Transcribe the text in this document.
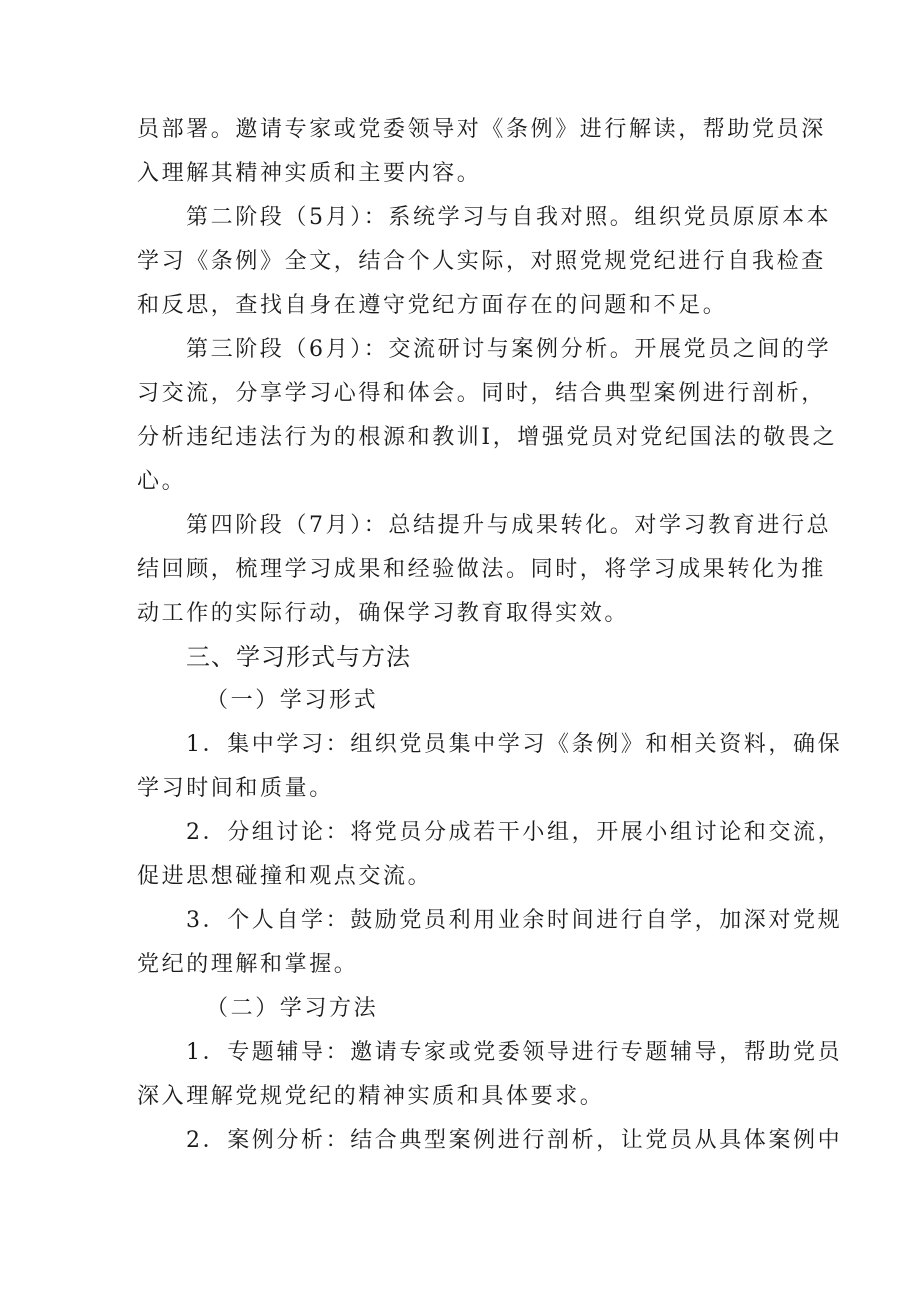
员部署。邀请专家或党委领导对《条例》进行解读，帮助党员深
入理解其精神实质和主要内容。
第二阶段（5月）：系统学习与自我对照。组织党员原原本本
学习《条例》全文，结合个人实际，对照党规党纪进行自我检查
和反思，查找自身在遵守党纪方面存在的问题和不足。
第三阶段（6月）：交流研讨与案例分析。开展党员之间的学
习交流，分享学习心得和体会。同时，结合典型案例进行剖析，
分析违纪违法行为的根源和教训I，增强党员对党纪国法的敬畏之
心。
第四阶段（7月）：总结提升与成果转化。对学习教育进行总
结回顾，梳理学习成果和经验做法。同时，将学习成果转化为推
动工作的实际行动，确保学习教育取得实效。
三、学习形式与方法
（一）学习形式
1．集中学习：组织党员集中学习《条例》和相关资料，确保
学习时间和质量。
2．分组讨论：将党员分成若干小组，开展小组讨论和交流，
促进思想碰撞和观点交流。
3．个人自学：鼓励党员利用业余时间进行自学，加深对党规
党纪的理解和掌握。
（二）学习方法
1．专题辅导：邀请专家或党委领导进行专题辅导，帮助党员
深入理解党规党纪的精神实质和具体要求。
2．案例分析：结合典型案例进行剖析，让党员从具体案例中
